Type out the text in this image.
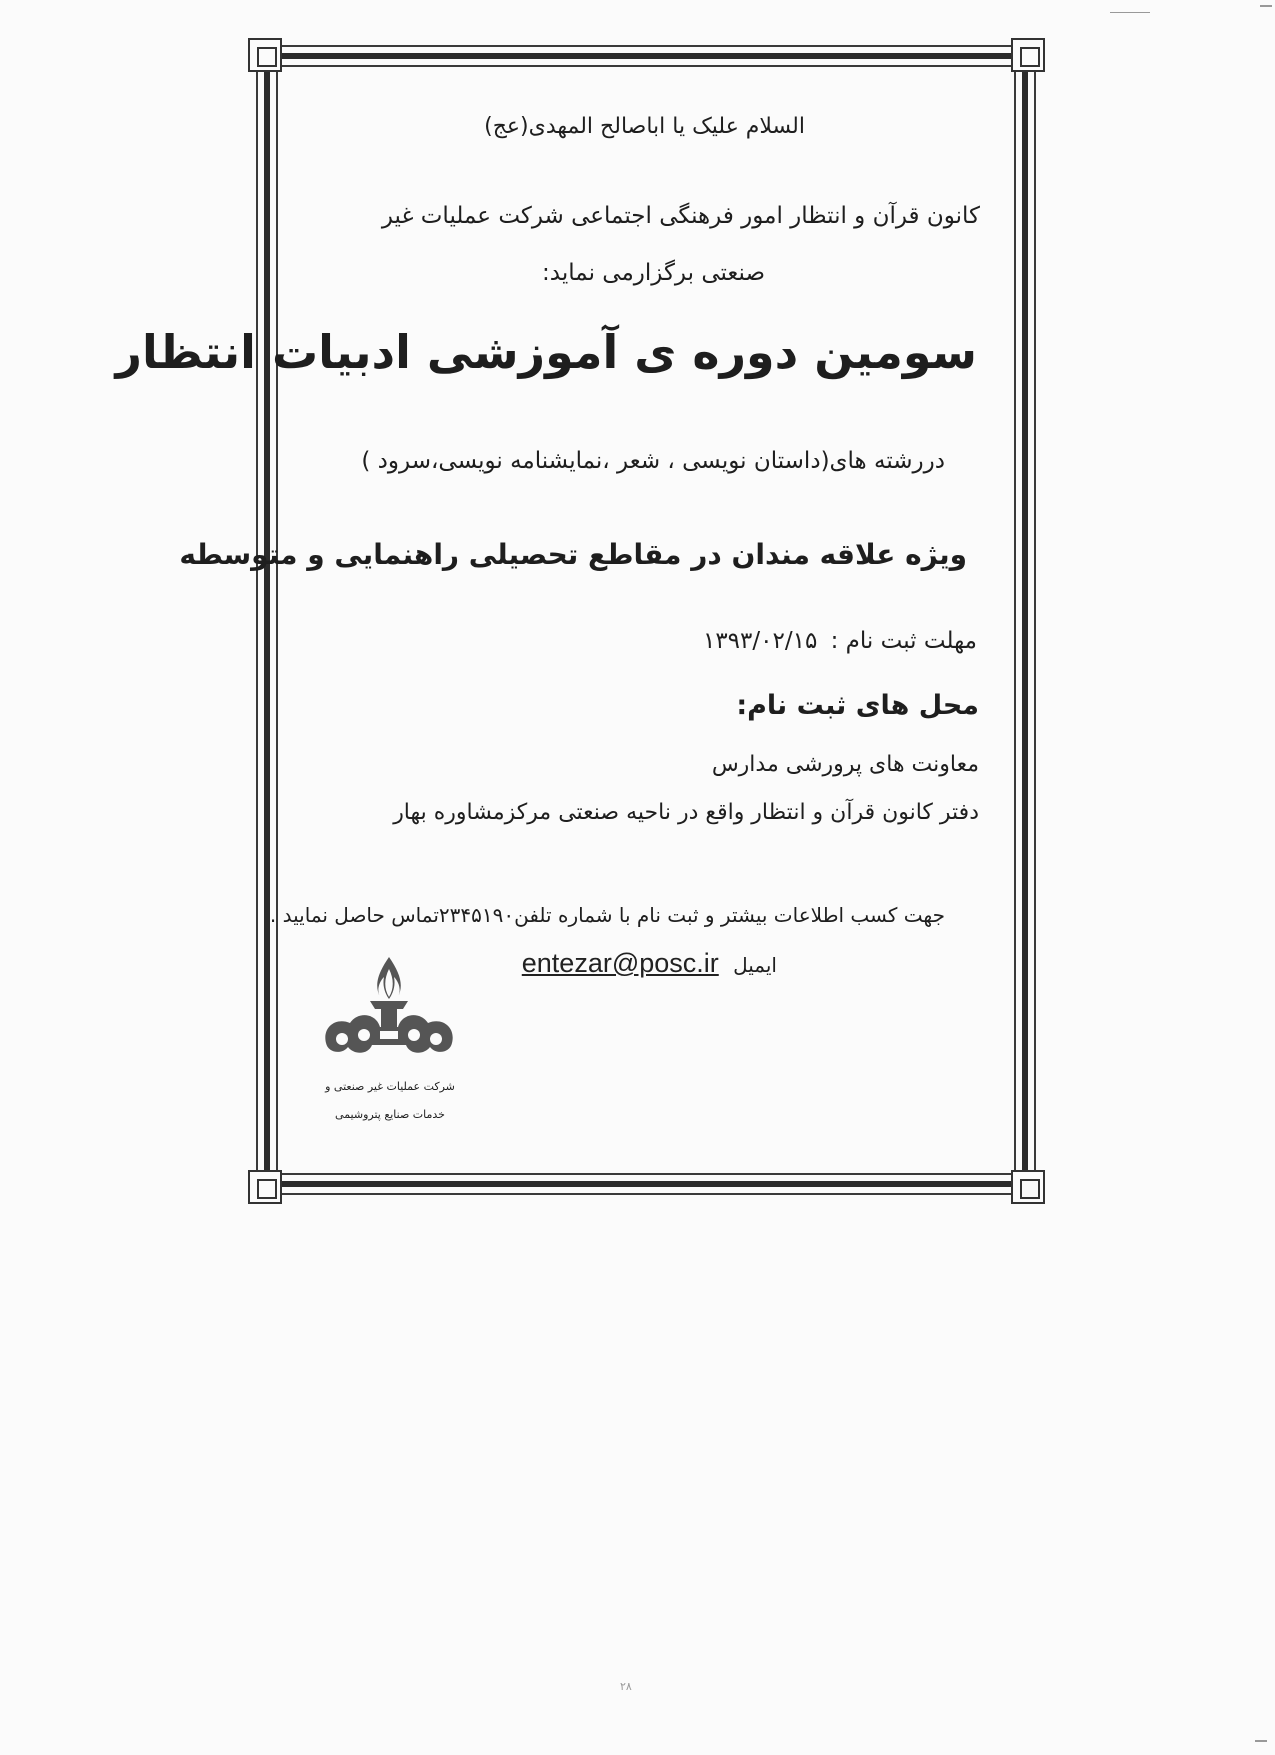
السلام علیک یا اباصالح المهدی(عج)
کانون قرآن و انتظار امور فرهنگی اجتماعی شرکت عملیات غیر
صنعتی برگزارمی نماید:
سومین دوره ی آموزشی ادبیات انتظار
دررشته های(داستان نویسی ، شعر ،نمایشنامه نویسی،سرود )
ویژه علاقه مندان در مقاطع تحصیلی راهنمایی و متوسطه
مهلت ثبت نام : ۱۳۹۳/۰۲/۱۵
محل های ثبت نام:
معاونت های پرورشی مدارس
دفتر کانون قرآن و انتظار واقع در ناحیه صنعتی مرکزمشاوره بهار
جهت کسب اطلاعات بیشتر و ثبت نام با شماره تلفن۲۳۴۵۱۹۰تماس حاصل نمایید .
ایمیل entezar@posc.ir
شرکت عملیات غیر صنعتی و
خدمات صنایع پتروشیمی
۲۸
